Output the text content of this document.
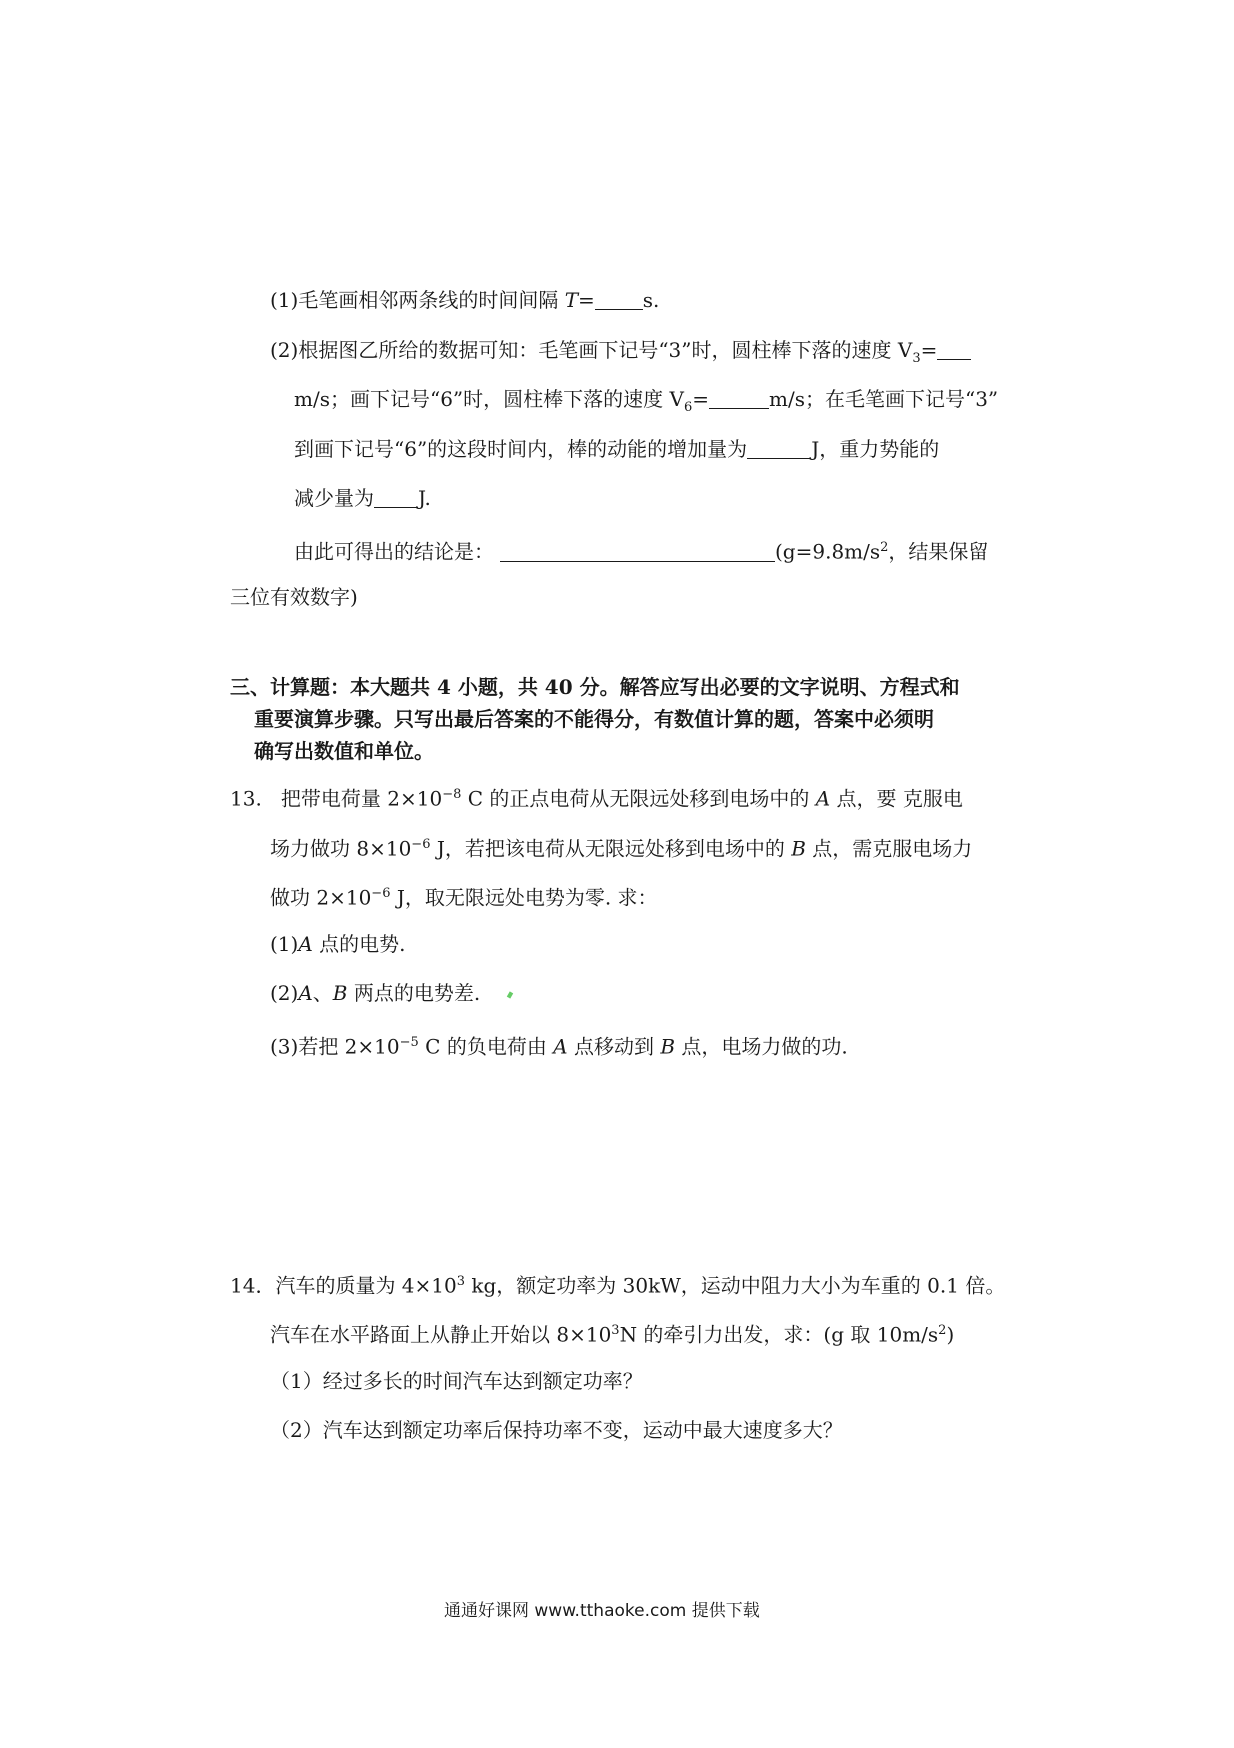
(1)毛笔画相邻两条线的时间间隔 T= s.
(2)根据图乙所给的数据可知：毛笔画下记号“3”时，圆柱棒下落的速度 $V_3=$
m/s；画下记号“6”时，圆柱棒下落的速度 $V_6=$	m/s；在毛笔画下记号“3”
到画下记号“6”的这段时间内，棒的动能的增加量为	J，重力势能的
减少量为 J.
由此可得出的结论是：	($g=9.8m/s^2$，结果保留
三位有效数字)
三、计算题：本大题共 4 小题，共 40 分。解答应写出必要的文字说明、方程式和
重要演算步骤。只写出最后答案的不能得分，有数值计算的题，答案中必须明
确写出数值和单位。
13. 把带电荷量 $2\times 10^{-8}$ C 的正点电荷从无限远处移到电场中的 A 点，要 克服电
场力做功 $8\times 10^{-6}$ J，若把该电荷从无限远处移到电场中的 B 点，需克服电场力
做功 $2\times 10^{-6}$ J，取无限远处电势为零. 求：
(1)A 点的电势.
(2)A、B 两点的电势差.
(3)若把 $2\times 10^{-5}$ C 的负电荷由 A 点移动到 B 点，电场力做的功.
14．汽车的质量为 $4\times 10^3$ kg，额定功率为 30kW，运动中阻力大小为车重的 0.1 倍。
汽车在水平路面上从静止开始以 $8\times 10^3N$ 的牵引力出发，求：(g 取 $10m/s^2$)
（1）经过多长的时间汽车达到额定功率？
（2）汽车达到额定功率后保持功率不变，运动中最大速度多大？
通通好课网 www.tthaoke.com 提供下载
